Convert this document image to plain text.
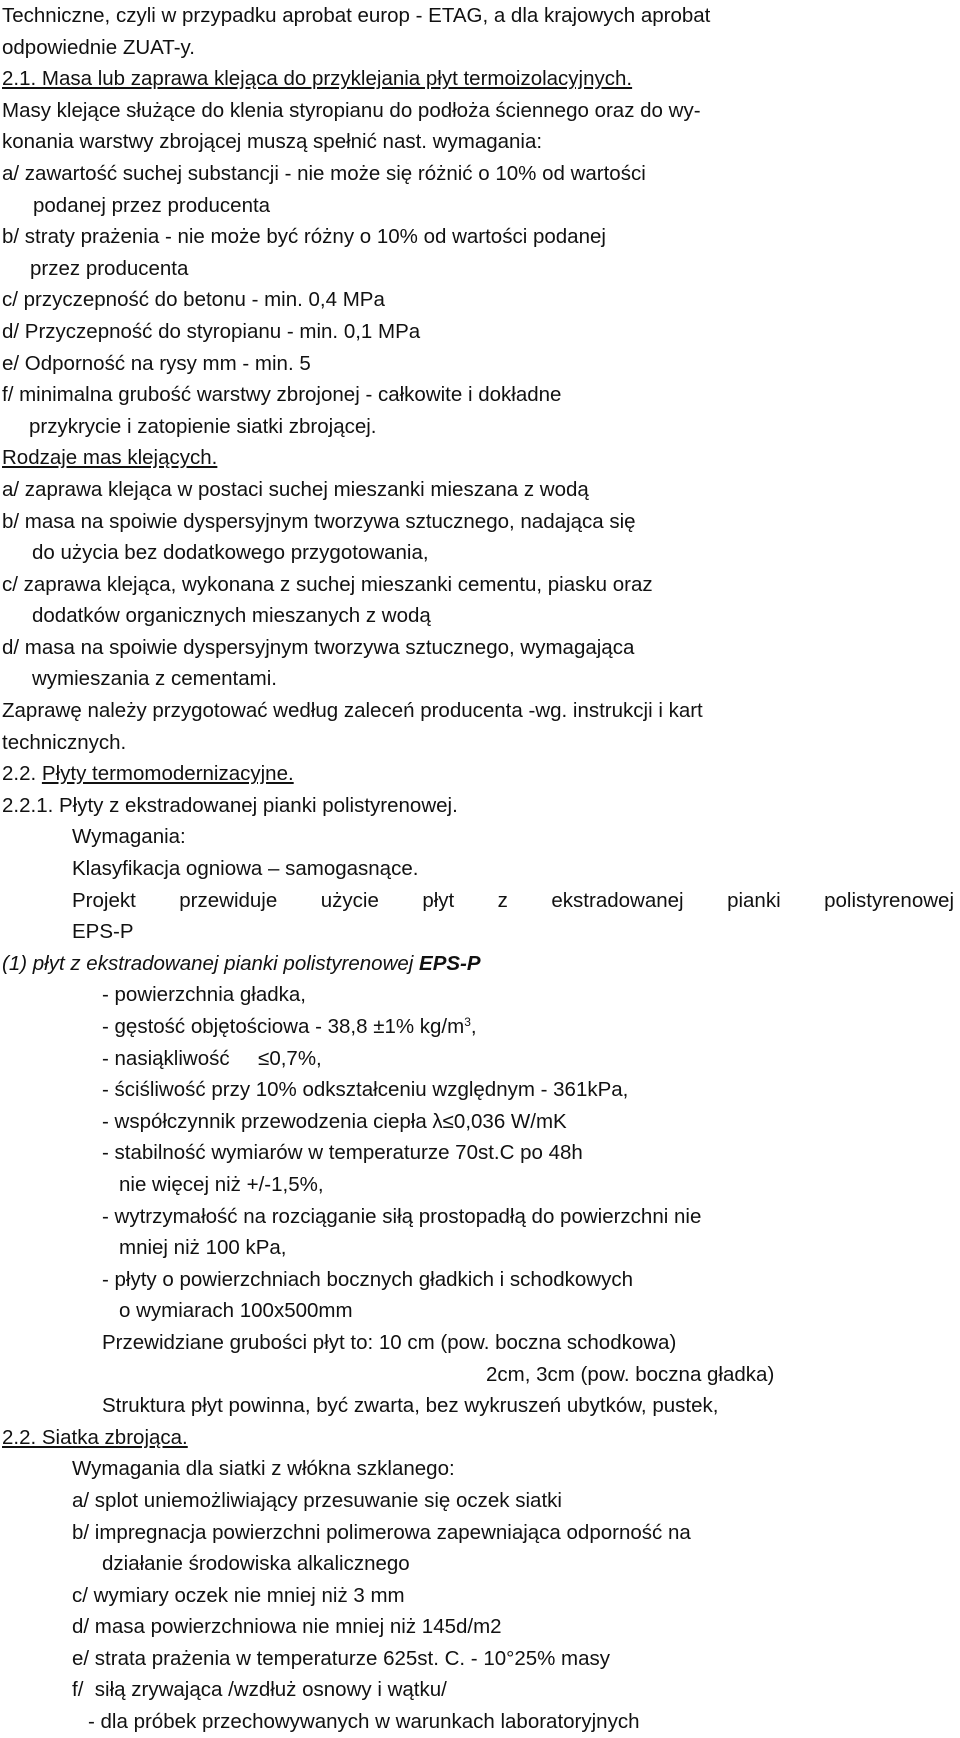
Techniczne, czyli w przypadku aprobat europ - ETAG, a dla krajowych aprobat
odpowiednie ZUAT-y.
2.1. Masa lub zaprawa klejąca do przyklejania płyt termoizolacyjnych.
Masy klejące służące do klenia styropianu do podłoża ściennego oraz do wy-
konania warstwy zbrojącej muszą spełnić nast. wymagania:
a/ zawartość suchej substancji - nie może się różnić o 10% od wartości
podanej przez producenta
b/ straty prażenia - nie może być różny o 10% od wartości podanej
przez producenta
c/ przyczepność do betonu - min. 0,4 MPa
d/ Przyczepność do styropianu - min. 0,1 MPa
e/ Odporność na rysy mm - min. 5
f/ minimalna grubość warstwy zbrojonej - całkowite i dokładne
przykrycie i zatopienie siatki zbrojącej.
Rodzaje mas klejących.
a/ zaprawa klejąca w postaci suchej mieszanki mieszana z wodą
b/ masa na spoiwie dyspersyjnym tworzywa sztucznego, nadająca się
do użycia bez dodatkowego przygotowania,
c/ zaprawa klejąca, wykonana z suchej mieszanki cementu, piasku oraz
dodatków organicznych mieszanych z wodą
d/ masa na spoiwie dyspersyjnym tworzywa sztucznego, wymagająca
wymieszania z cementami.
Zaprawę należy przygotować według zaleceń producenta -wg. instrukcji i kart
technicznych.
2.2. Płyty termomodernizacyjne.
2.2.1. Płyty z ekstradowanej pianki polistyrenowej.
Wymagania:
Klasyfikacja ogniowa – samogasnące.
Projekt przewiduje użycie płyt z ekstradowanej pianki polistyrenowej
EPS-P
(1) płyt z ekstradowanej pianki polistyrenowej EPS-P
- powierzchnia gładka,
- gęstość objętościowa - 38,8 ±1% $kg/m^3$,
- nasiąkliwość     ≤0,7%,
- ściśliwość przy 10% odkształceniu względnym - 361kPa,
- współczynnik przewodzenia ciepła λ≤0,036 W/mK
- stabilność wymiarów w temperaturze 70st.C po 48h
nie więcej niż +/-1,5%,
- wytrzymałość na rozciąganie siłą prostopadłą do powierzchni nie
mniej niż 100 kPa,
- płyty o powierzchniach bocznych gładkich i schodkowych
o wymiarach 100x500mm
Przewidziane grubości płyt to: 10 cm (pow. boczna schodkowa)
2cm, 3cm (pow. boczna gładka)
Struktura płyt powinna, być zwarta, bez wykruszeń ubytków, pustek,
2.2. Siatka zbrojąca.
Wymagania dla siatki z włókna szklanego:
a/ splot uniemożliwiający przesuwanie się oczek siatki
b/ impregnacja powierzchni polimerowa zapewniająca odporność na
działanie środowiska alkalicznego
c/ wymiary oczek nie mniej niż 3 mm
d/ masa powierzchniowa nie mniej niż 145d/m2
e/ strata prażenia w temperaturze 625st. C. - 10°25% masy
f/  siłą zrywająca /wzdłuż osnowy i wątku/
- dla próbek przechowywanych w warunkach laboratoryjnych
